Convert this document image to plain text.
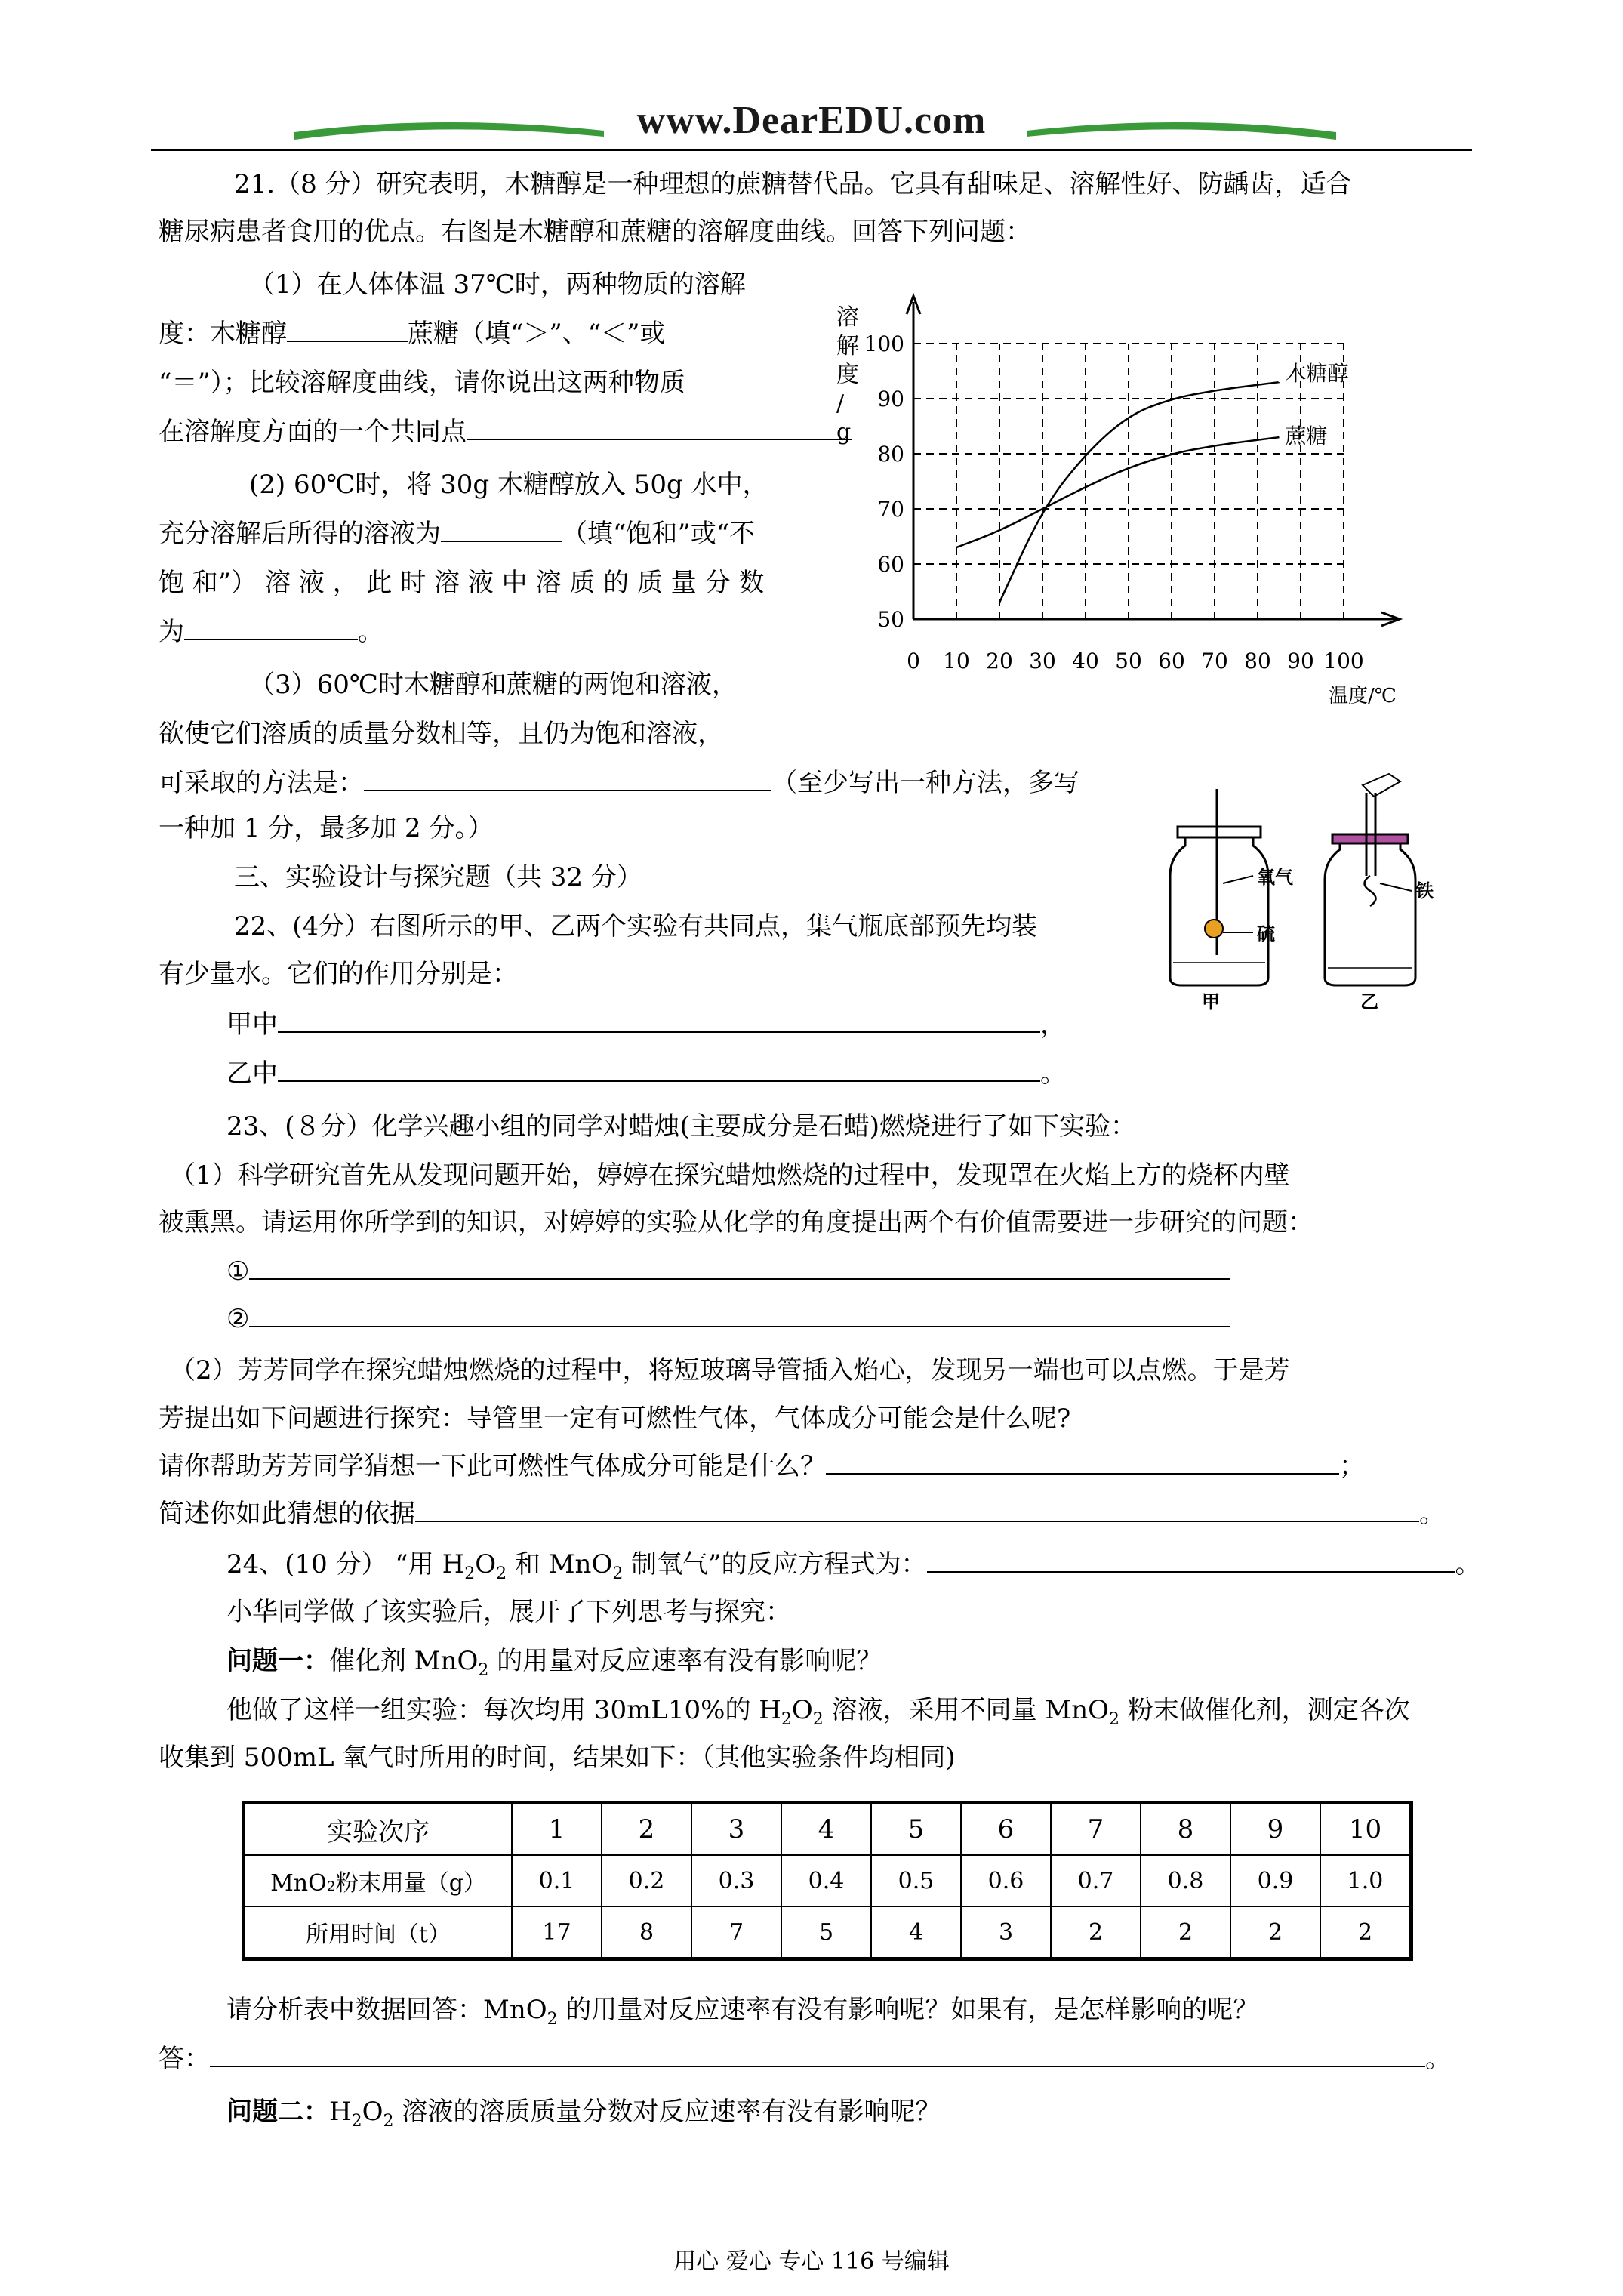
www.DearEDU.com
21.（8 分）研究表明，木糖醇是一种理想的蔗糖替代品。它具有甜味足、溶解性好、防龋齿，适合
糖尿病患者食用的优点。右图是木糖醇和蔗糖的溶解度曲线。回答下列问题：
（1）在人体体温 37℃时，两种物质的溶解
度：木糖醇	蔗糖（填“＞”、“＜”或
“＝”）；比较溶解度曲线，请你说出这两种物质
在溶解度方面的一个共同点
(2) 60℃时，将 30g 木糖醇放入 50g 水中，
充分溶解后所得的溶液为	（填“饱和”或“不
饱 和”） 溶 液 ， 此 时 溶 液 中 溶 质 的 质 量 分 数
为	。
（3）60℃时木糖醇和蔗糖的两饱和溶液，
欲使它们溶质的质量分数相等，且仍为饱和溶液，
可采取的方法是：	（至少写出一种方法，多写
一种加 1 分，最多加 2 分。）
0 10 20 30 40 50 60 70 80 90 100
50
60
70
80
90
100
木糖醇
蔗糖
溶解度/ g
温度/℃
三、实验设计与探究题（共 32 分）
22、(4分）右图所示的甲、乙两个实验有共同点，集气瓶底部预先均装
有少量水。它们的作用分别是：
甲中	，
乙中	。
氧气
硫
甲
铁
乙
23、(８分）化学兴趣小组的同学对蜡烛(主要成分是石蜡)燃烧进行了如下实验：
（1）科学研究首先从发现问题开始，婷婷在探究蜡烛燃烧的过程中，发现罩在火焰上方的烧杯内壁
被熏黑。请运用你所学到的知识，对婷婷的实验从化学的角度提出两个有价值需要进一步研究的问题：
①
②
（2）芳芳同学在探究蜡烛燃烧的过程中，将短玻璃导管插入焰心，发现另一端也可以点燃。于是芳
芳提出如下问题进行探究：导管里一定有可燃性气体，气体成分可能会是什么呢?
请你帮助芳芳同学猜想一下此可燃性气体成分可能是什么？	；
简述你如此猜想的依据	。
24、(10 分） “用 $H_2O_2$ 和 MnO$_2$ 制氧气”的反应方程式为：	。
小华同学做了该实验后，展开了下列思考与探究：
问题一：催化剂 MnO$_2$ 的用量对反应速率有没有影响呢？
他做了这样一组实验：每次均用 30mL10%的 $H_2O_2$ 溶液，采用不同量 MnO$_2$ 粉末做催化剂，测定各次
收集到 500mL 氧气时所用的时间，结果如下：（其他实验条件均相同)
实验次序	1	2	3	4	5	6	7	8	9	10
MnO₂粉末用量（g）	0.1	0.2	0.3	0.4	0.5	0.6	0.7	0.8	0.9	1.0
所用时间（t）	17	8	7	5	4	3	2	2	2	2
请分析表中数据回答：MnO$_2$ 的用量对反应速率有没有影响呢？如果有，是怎样影响的呢？
答：	。
问题二：$H_2O_2$ 溶液的溶质质量分数对反应速率有没有影响呢？
用心 爱心 专心 116 号编辑
